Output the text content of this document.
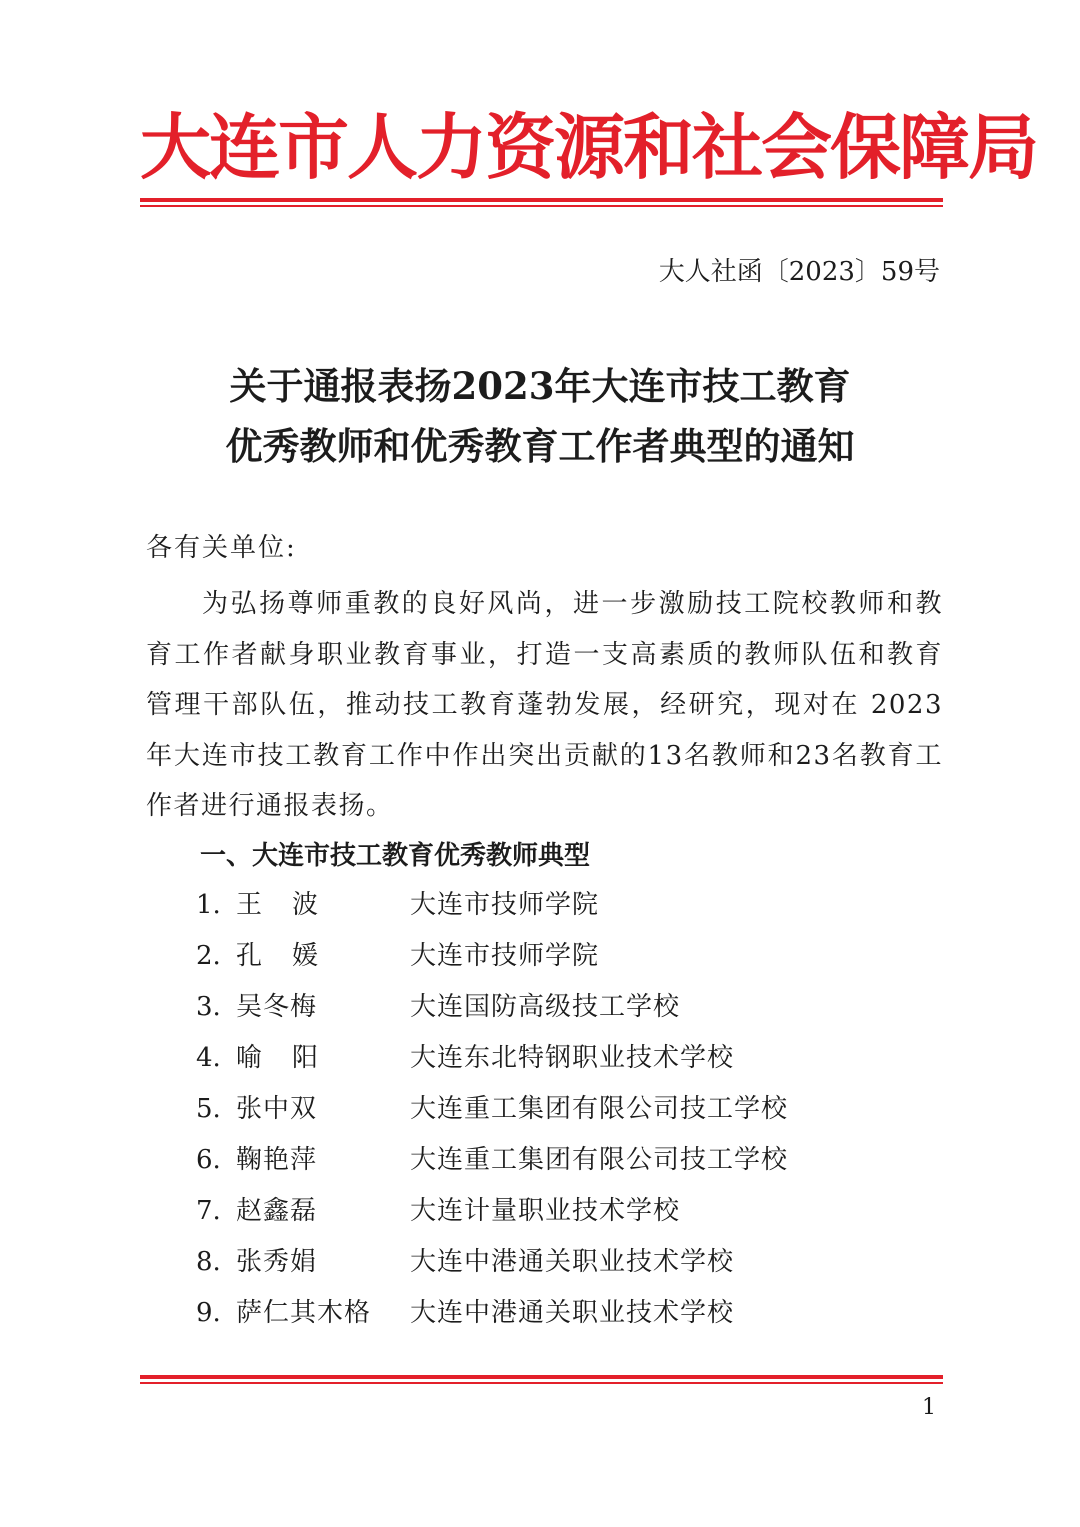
大连市人力资源和社会保障局
大人社函〔2023〕59号
关于通报表扬2023年大连市技工教育
优秀教师和优秀教育工作者典型的通知
各有关单位:
为弘扬尊师重教的良好风尚，进一步激励技工院校教师和教育工作者献身职业教育事业，打造一支高素质的教师队伍和教育管理干部队伍，推动技工教育蓬勃发展，经研究，现对在 2023 年大连市技工教育工作中作出突出贡献的13名教师和23名教育工作者进行通报表扬。
一、大连市技工教育优秀教师典型
1. 王波 大连市技师学院
2. 孔媛 大连市技师学院
3. 吴冬梅	大连国防高级技工学校
4. 喻阳 大连东北特钢职业技术学校
5. 张中双	大连重工集团有限公司技工学校
6. 鞠艳萍	大连重工集团有限公司技工学校
7. 赵鑫磊	大连计量职业技术学校
8. 张秀娟	大连中港通关职业技术学校
9. 萨仁其木格 大连中港通关职业技术学校
1
